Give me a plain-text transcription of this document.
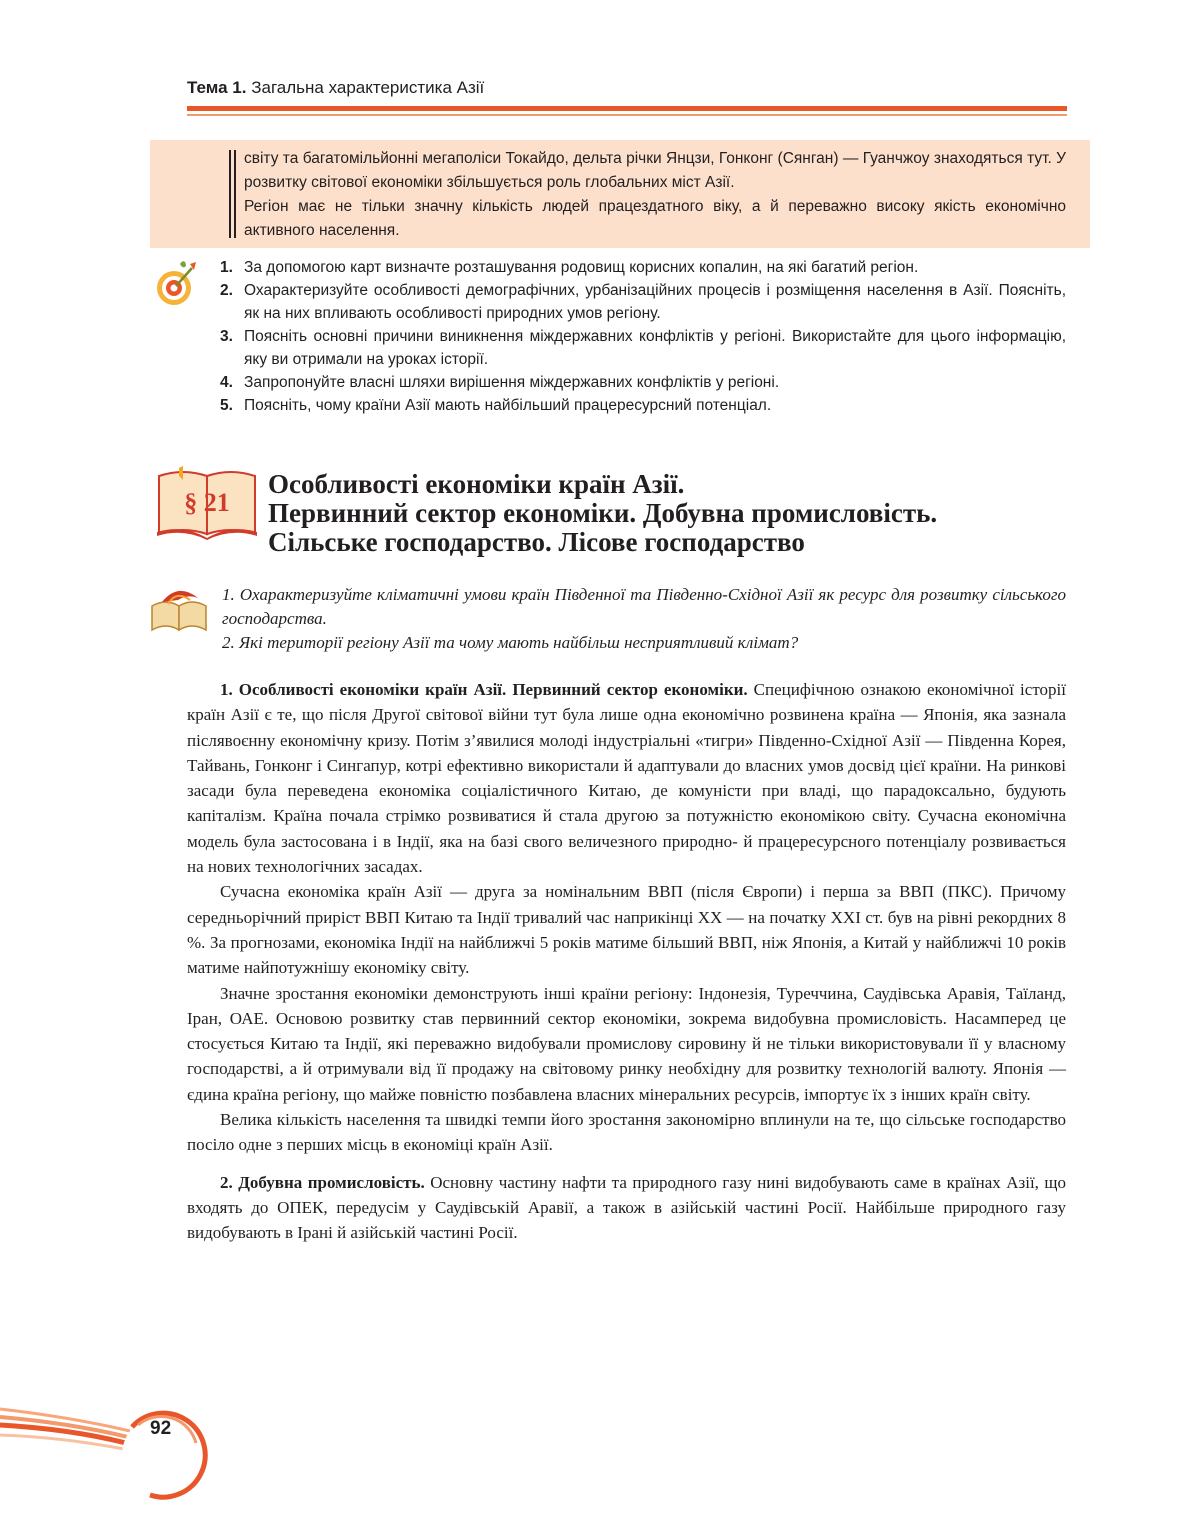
Тема 1. Загальна характеристика Азії

світу та багатомільйонні мегаполіси Токайдо, дельта річки Янцзи, Гонконг (Сянган) — Гуанчжоу знаходяться тут. У розвитку світової економіки збільшується роль глобальних міст Азії.

Регіон має не тільки значну кількість людей працездатного віку, а й переважно високу якість економічно активного населення.

1. За допомогою карт визначте розташування родовищ корисних копалин, на які багатий регіон.
2. Охарактеризуйте особливості демографічних, урбанізаційних процесів і розміщення населення в Азії. Поясніть, як на них впливають особливості природних умов регіону.
3. Поясніть основні причини виникнення міждержавних конфліктів у регіоні. Використайте для цього інформацію, яку ви отримали на уроках історії.
4. Запропонуйте власні шляхи вирішення міждержавних конфліктів у регіоні.
5. Поясніть, чому країни Азії мають найбільший працересурсний потенціал.
§ 21
Особливості економіки країн Азії.
Первинний сектор економіки. Добувна промисловість.
Сільське господарство. Лісове господарство

1. Охарактеризуйте кліматичні умови країн Південної та Південно-Східної Азії як ресурс для розвитку сільського господарства.

2. Які території регіону Азії та чому мають найбільш несприятливий клімат?

1. Особливості економіки країн Азії. Первинний сектор економіки. Специфічною ознакою економічної історії країн Азії є те, що після Другої світової війни тут була лише одна економічно розвинена країна — Японія, яка зазнала післявоєнну економічну кризу. Потім з’явилися молоді індустріальні «тигри» Південно-Східної Азії — Південна Корея, Тайвань, Гонконг і Сингапур, котрі ефективно використали й адаптували до власних умов досвід цієї країни. На ринкові засади була переведена економіка соціалістичного Китаю, де комуністи при владі, що парадоксально, будують капіталізм. Країна почала стрімко розвиватися й стала другою за потужністю економікою світу. Сучасна економічна модель була застосована і в Індії, яка на базі свого величезного природно- й працересурсного потенціалу розвивається на нових технологічних засадах.

Сучасна економіка країн Азії — друга за номінальним ВВП (після Європи) і перша за ВВП (ПКС). Причому середньорічний приріст ВВП Китаю та Індії тривалий час наприкінці XX — на початку XXI ст. був на рівні рекордних 8 %. За прогнозами, економіка Індії на найближчі 5 років матиме більший ВВП, ніж Японія, а Китай у найближчі 10 років матиме найпотужнішу економіку світу.

Значне зростання економіки демонструють інші країни регіону: Індонезія, Туреччина, Саудівська Аравія, Таїланд, Іран, ОАЕ. Основою розвитку став первинний сектор економіки, зокрема видобувна промисловість. Насамперед це стосується Китаю та Індії, які переважно видобували промислову сировину й не тільки використовували її у власному господарстві, а й отримували від її продажу на світовому ринку необхідну для розвитку технологій валюту. Японія — єдина країна регіону, що майже повністю позбавлена власних мінеральних ресурсів, імпортує їх з інших країн світу.

Велика кількість населення та швидкі темпи його зростання закономірно вплинули на те, що сільське господарство посіло одне з перших місць в економіці країн Азії.

2. Добувна промисловість. Основну частину нафти та природного газу нині видобувають саме в країнах Азії, що входять до ОПЕК, передусім у Саудівській Аравії, а також в азійській частині Росії. Найбільше природного газу видобувають в Ірані й азійській частині Росії.

92
